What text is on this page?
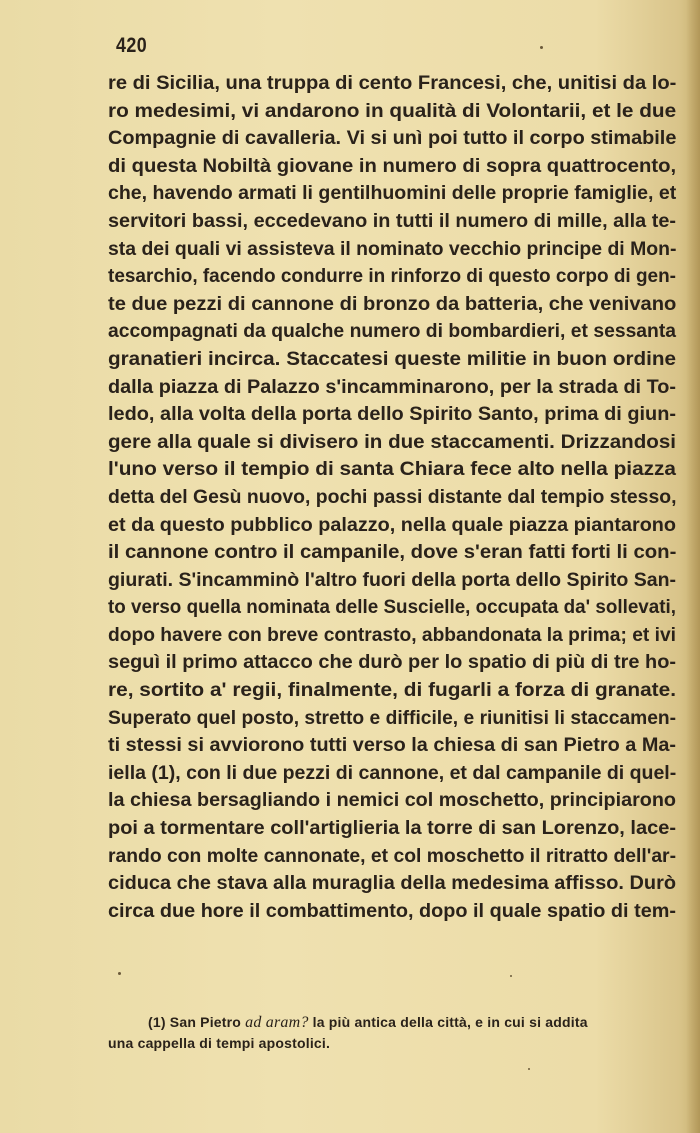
420
re di Sicilia, una truppa di cento Francesi, che, unitisi da lo-
ro medesimi, vi andarono in qualità di Volontarii, et le due
Compagnie di cavalleria. Vi si unì poi tutto il corpo stimabile
di questa Nobiltà giovane in numero di sopra quattrocento,
che, havendo armati li gentilhuomini delle proprie famiglie, et
servitori bassi, eccedevano in tutti il numero di mille, alla te-
sta dei quali vi assisteva il nominato vecchio principe di Mon-
tesarchio, facendo condurre in rinforzo di questo corpo di gen-
te due pezzi di cannone di bronzo da batteria, che venivano
accompagnati da qualche numero di bombardieri, et sessanta
granatieri incirca. Staccatesi queste militie in buon ordine
dalla piazza di Palazzo s'incamminarono, per la strada di To-
ledo, alla volta della porta dello Spirito Santo, prima di giun-
gere alla quale si divisero in due staccamenti. Drizzandosi
l'uno verso il tempio di santa Chiara fece alto nella piazza
detta del Gesù nuovo, pochi passi distante dal tempio stesso,
et da questo pubblico palazzo, nella quale piazza piantarono
il cannone contro il campanile, dove s'eran fatti forti li con-
giurati. S'incamminò l'altro fuori della porta dello Spirito San-
to verso quella nominata delle Suscielle, occupata da' sollevati,
dopo havere con breve contrasto, abbandonata la prima; et ivi
seguì il primo attacco che durò per lo spatio di più di tre ho-
re, sortito a' regii, finalmente, di fugarli a forza di granate.
Superato quel posto, stretto e difficile, e riunitisi li staccamen-
ti stessi si avviorono tutti verso la chiesa di san Pietro a Ma-
iella (1), con li due pezzi di cannone, et dal campanile di quel-
la chiesa bersagliando i nemici col moschetto, principiarono
poi a tormentare coll'artiglieria la torre di san Lorenzo, lace-
rando con molte cannonate, et col moschetto il ritratto dell'ar-
ciduca che stava alla muraglia della medesima affisso. Durò
circa due hore il combattimento, dopo il quale spatio di tem-
(1) San Pietro ad aram? la più antica della città, e in cui si addita
una cappella di tempi apostolici.
